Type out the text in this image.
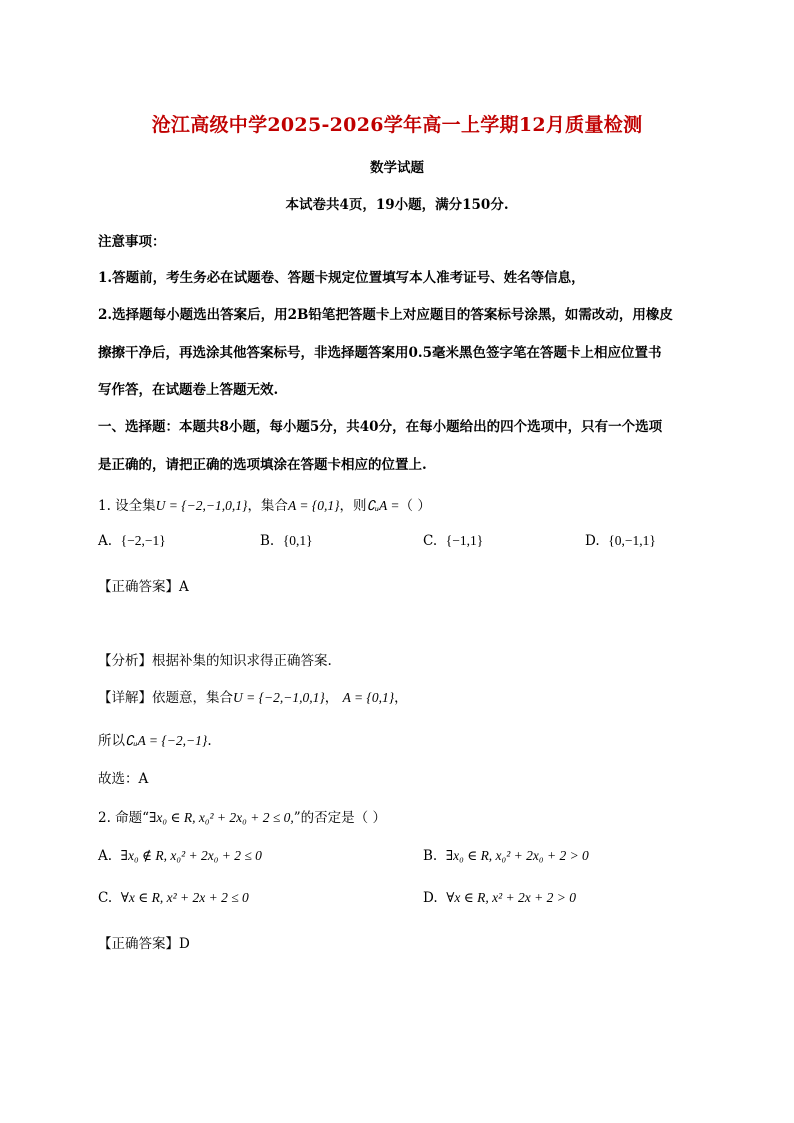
沧江高级中学2025-2026学年高一上学期12月质量检测
数学试题
本试卷共4页，19小题，满分150分.
注意事项：
1.答题前，考生务必在试题卷、答题卡规定位置填写本人准考证号、姓名等信息，
2.选择题每小题选出答案后，用2B铅笔把答题卡上对应题目的答案标号涂黑，如需改动，用橡皮
擦擦干净后，再选涂其他答案标号，非选择题答案用0.5毫米黑色签字笔在答题卡上相应位置书
写作答，在试题卷上答题无效.
一、选择题：本题共8小题，每小题5分，共40分，在每小题给出的四个选项中，只有一个选项
是正确的，请把正确的选项填涂在答题卡相应的位置上.
1. 设全集U = {−2,−1,0,1}，集合A = {0,1}，则∁ᵤA =（ ）
A. {−2,−1}	B. {0,1}	C. {−1,1}	D. {0,−1,1}
【正确答案】A
【分析】根据补集的知识求得正确答案.
【详解】依题意，集合U = {−2,−1,0,1}， A = {0,1}，
所以∁ᵤA = {−2,−1}.
故选：A
2. 命题“∃x₀ ∈ R, x₀² + 2x₀ + 2 ≤ 0,”的否定是（ ）
A. ∃x₀ ∉ R, x₀² + 2x₀ + 2 ≤ 0	B. ∃x₀ ∈ R, x₀² + 2x₀ + 2 > 0
C. ∀x ∈ R, x² + 2x + 2 ≤ 0	D. ∀x ∈ R, x² + 2x + 2 > 0
【正确答案】D
